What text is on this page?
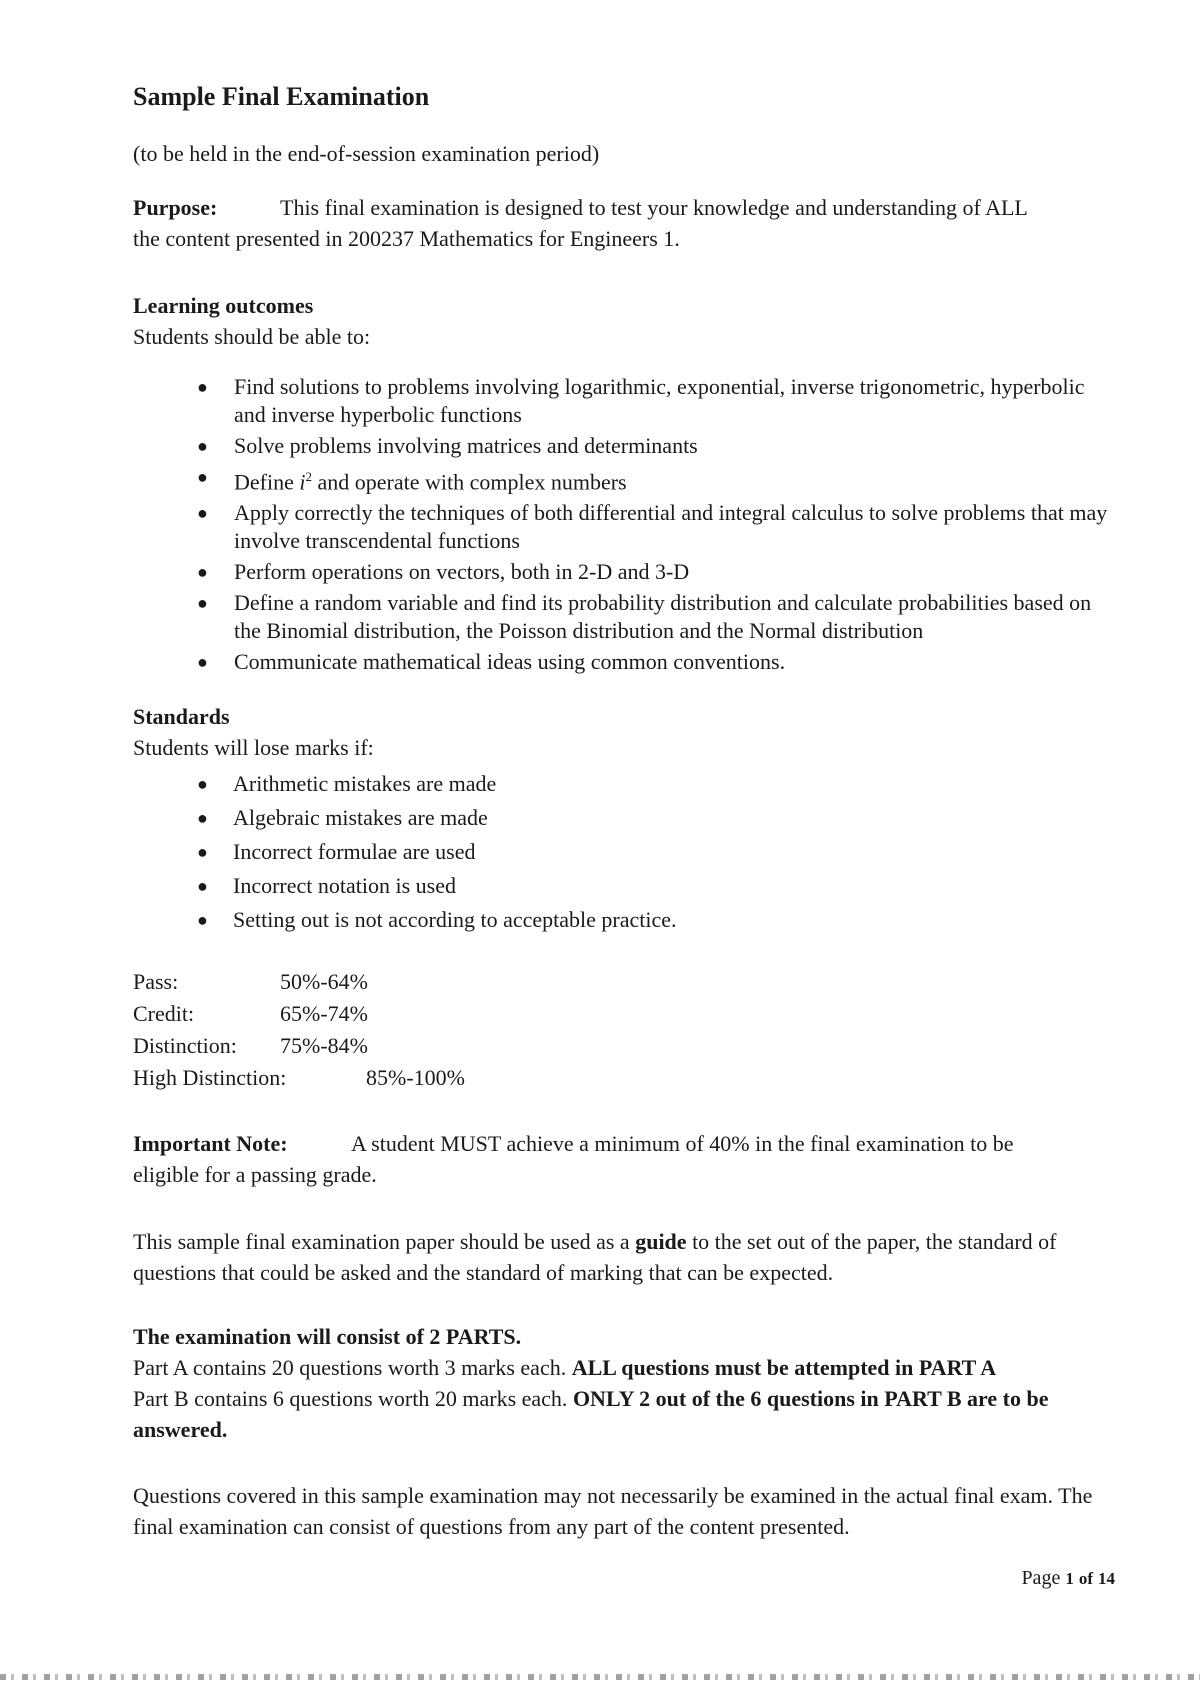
Sample Final Examination
(to be held in the end-of-session examination period)
Purpose:	This final examination is designed to test your knowledge and understanding of ALL
the content presented in 200237 Mathematics for Engineers 1.
Learning outcomes
Students should be able to:
● Find solutions to problems involving logarithmic, exponential, inverse trigonometric, hyperbolic and inverse hyperbolic functions
● Solve problems involving matrices and determinants
● Define $i^2$ and operate with complex numbers
● Apply correctly the techniques of both differential and integral calculus to solve problems that may involve transcendental functions
● Perform operations on vectors, both in 2-D and 3-D
● Define a random variable and find its probability distribution and calculate probabilities based on the Binomial distribution, the Poisson distribution and the Normal distribution
● Communicate mathematical ideas using common conventions.
Standards
Students will lose marks if:
● Arithmetic mistakes are made
● Algebraic mistakes are made
● Incorrect formulae are used
● Incorrect notation is used
● Setting out is not according to acceptable practice.
Pass:	50%-64%
Credit:	65%-74%
Distinction: 75%-84%
High Distinction:	85%-100%
Important Note:	A student MUST achieve a minimum of 40% in the final examination to be
eligible for a passing grade.
This sample final examination paper should be used as a guide to the set out of the paper, the standard of questions that could be asked and the standard of marking that can be expected.
The examination will consist of 2 PARTS.
Part A contains 20 questions worth 3 marks each. ALL questions must be attempted in PART A
Part B contains 6 questions worth 20 marks each. ONLY 2 out of the 6 questions in PART B are to be answered.
Questions covered in this sample examination may not necessarily be examined in the actual final exam. The final examination can consist of questions from any part of the content presented.
Page 1 of 14
